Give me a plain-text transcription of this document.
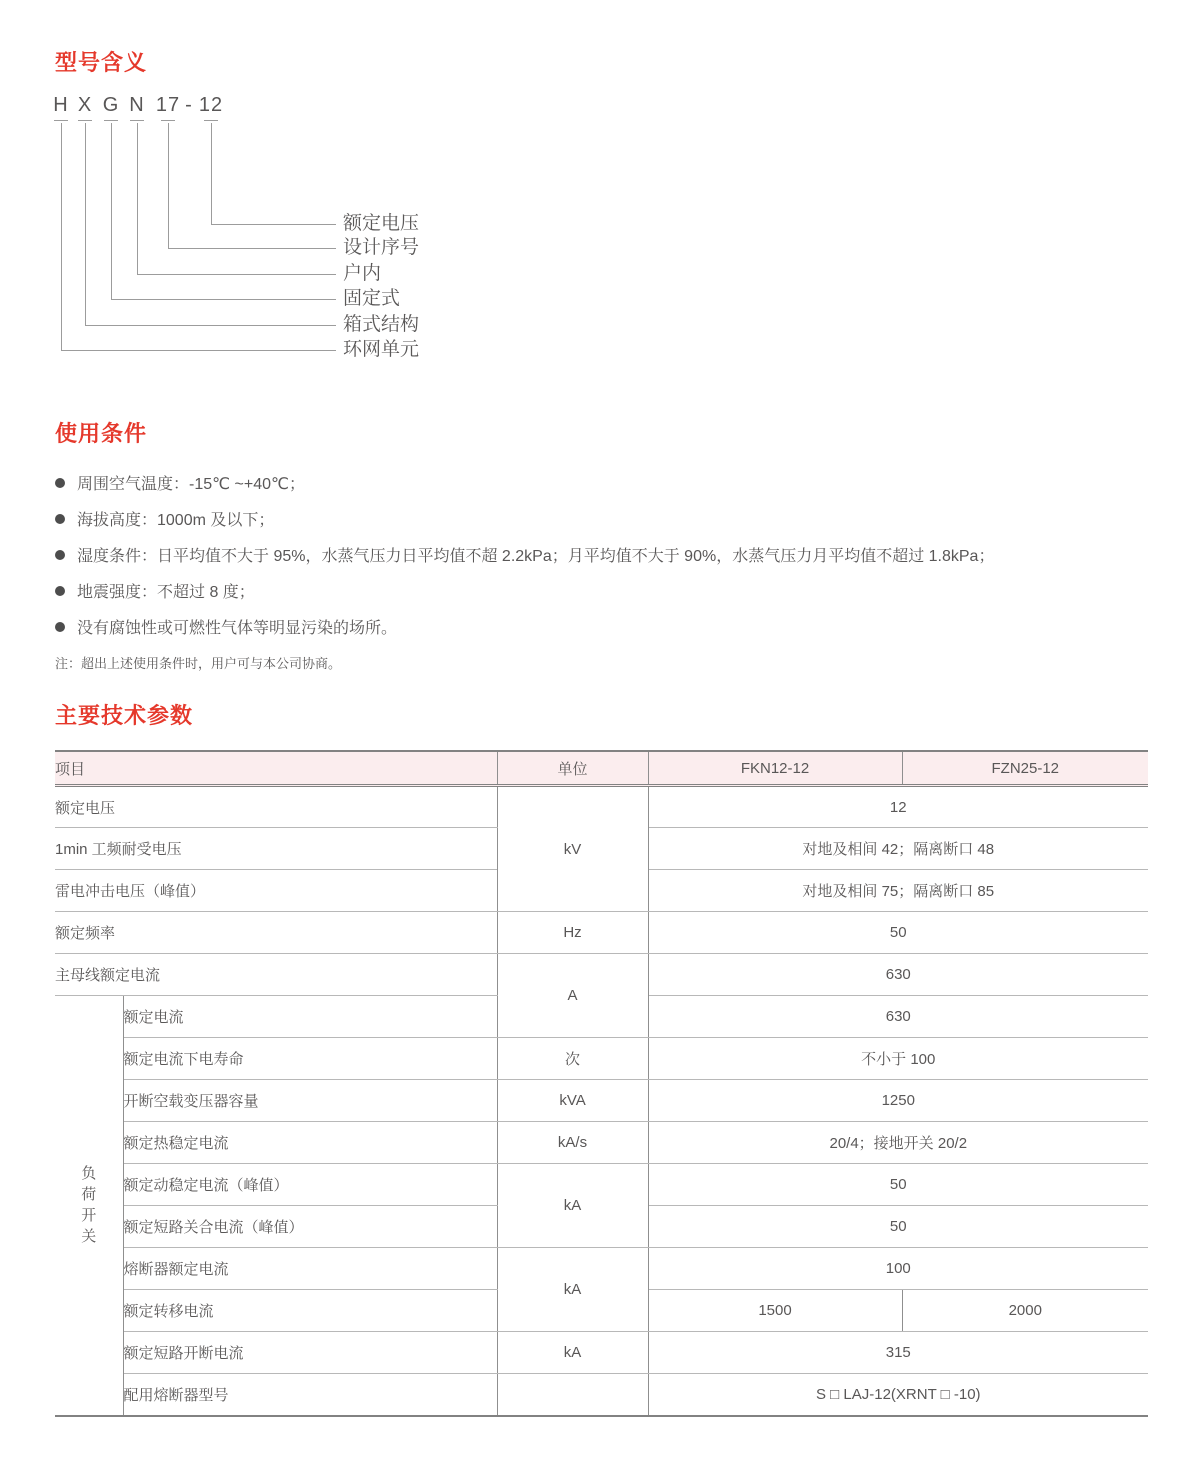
型号含义
H X G N 17 - 12
额定电压
设计序号
户内
固定式
箱式结构
环网单元
使用条件
周围空气温度：-15℃ ~+40℃；
海拔高度：1000m 及以下；
湿度条件：日平均值不大于 95%，水蒸气压力日平均值不超 2.2kPa；月平均值不大于 90%，水蒸气压力月平均值不超过 1.8kPa；
地震强度：不超过 8 度；
没有腐蚀性或可燃性气体等明显污染的场所。
注：超出上述使用条件时，用户可与本公司协商。
主要技术参数
项目		单位	FKN12-12	FZN25-12
额定电压		kV	12	
1min 工频耐受电压			对地及相间 42；隔离断口 48	
雷电冲击电压（峰值）			对地及相间 75；隔离断口 85	
额定频率		Hz	50	
主母线额定电流		A	630	

负荷开关	额定电流		630	
	额定电流下电寿命	次	不小于 100	
	开断空载变压器容量	kVA	1250	
	额定热稳定电流	kA/s	20/4；接地开关 20/2	
	额定动稳定电流（峰值）	kA	50	
	额定短路关合电流（峰值）		50	
	熔断器额定电流	kA	100	
	额定转移电流		1500	2000
	额定短路开断电流	kA	315	
	配用熔断器型号		S □ LAJ-12(XRNT □ -10)	
